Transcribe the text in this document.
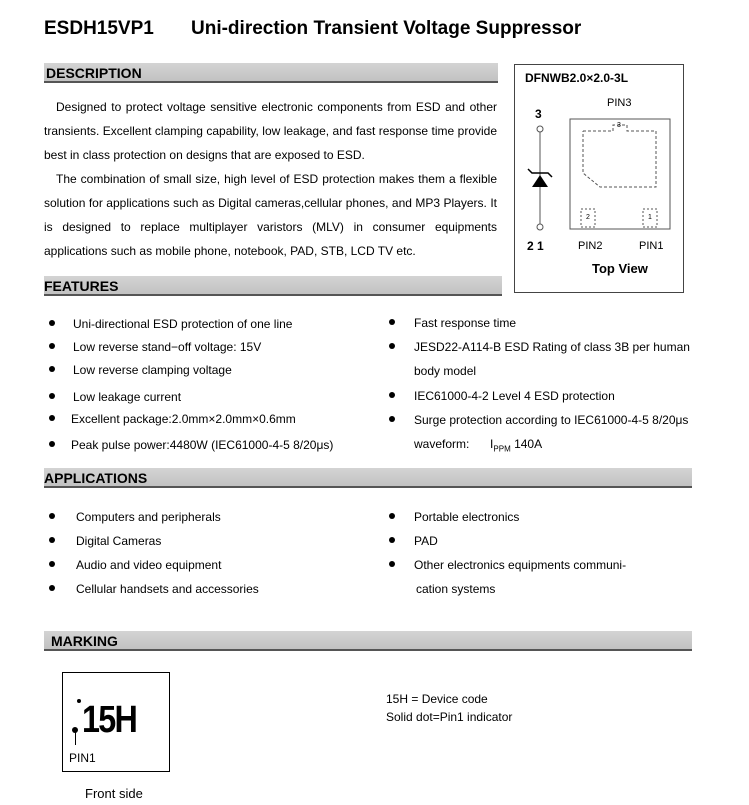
ESDH15VP1 Uni-direction Transient Voltage Suppressor
DESCRIPTION
Designed to protect voltage sensitive electronic components from ESD and other transients. Excellent clamping capability, low leakage, and fast response time provide best in class protection on designs that are exposed to ESD.
The combination of small size, high level of ESD protection makes them a flexible solution for applications such as Digital cameras,cellular phones, and MP3 Players. It is designed to replace multiplayer varistors (MLV) in consumer equipments applications such as mobile phone, notebook, PAD, STB, LCD TV etc.
DFNWB2.0×2.0-3L
PIN3
3
2 1
3
2	1
PIN2	PIN1
Top View
FEATURES
Uni-directional ESD protection of one line
Low reverse stand−off voltage: 15V
Low reverse clamping voltage
Low leakage current
Excellent package:2.0mm×2.0mm×0.6mm
Peak pulse power:4480W (IEC61000-4-5 8/20μs)
Fast response time
JESD22-A114-B ESD Rating of class 3B per human
body model
IEC61000-4-2 Level 4 ESD protection
Surge protection according to IEC61000-4-5 8/20μs
waveform: $I_{PPM}$ 140A
APPLICATIONS
Computers and peripherals
Digital Cameras
Audio and video equipment
Cellular handsets and accessories
Portable electronics
PAD
Other electronics equipments communi-
cation systems
MARKING
15H
PIN1
Front side
15H = Device code
Solid dot=Pin1 indicator
